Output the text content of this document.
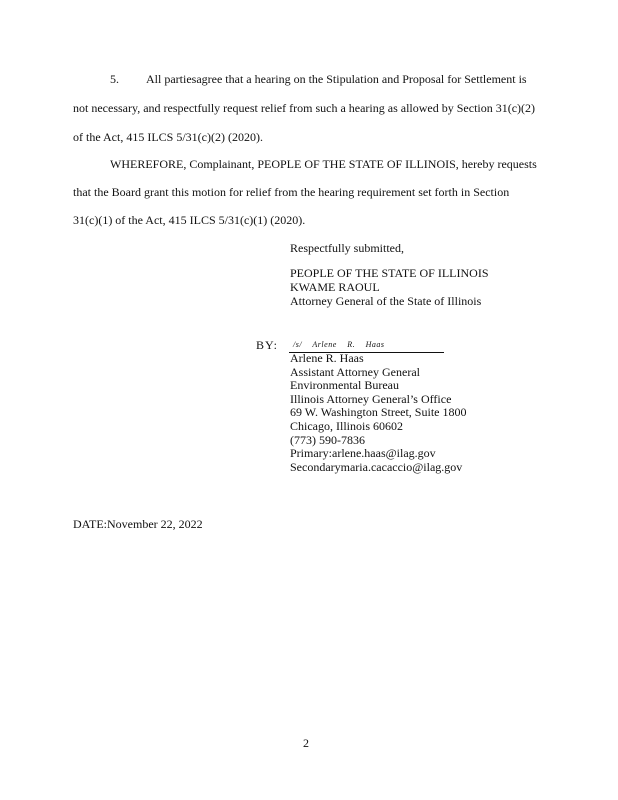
5. All partiesagree that a hearing on the Stipulation and Proposal for Settlement is
not necessary, and respectfully request relief from such a hearing as allowed by Section 31(c)(2)
of the Act, 415 ILCS 5/31(c)(2) (2020).
WHEREFORE, Complainant, PEOPLE OF THE STATE OF ILLINOIS, hereby requests
that the Board grant this motion for relief from the hearing requirement set forth in Section
31(c)(1) of the Act, 415 ILCS 5/31(c)(1) (2020).
Respectfully submitted,
PEOPLE OF THE STATE OF ILLINOIS
KWAME RAOUL
Attorney General of the State of Illinois
BY: /s/ Arlene R. Haas
Arlene R. Haas
Assistant Attorney General
Environmental Bureau
Illinois Attorney General’s Office
69 W. Washington Street, Suite 1800
Chicago, Illinois 60602
(773) 590-7836
Primary:arlene.haas@ilag.gov
Secondarymaria.cacaccio@ilag.gov
DATE:November 22, 2022
2
